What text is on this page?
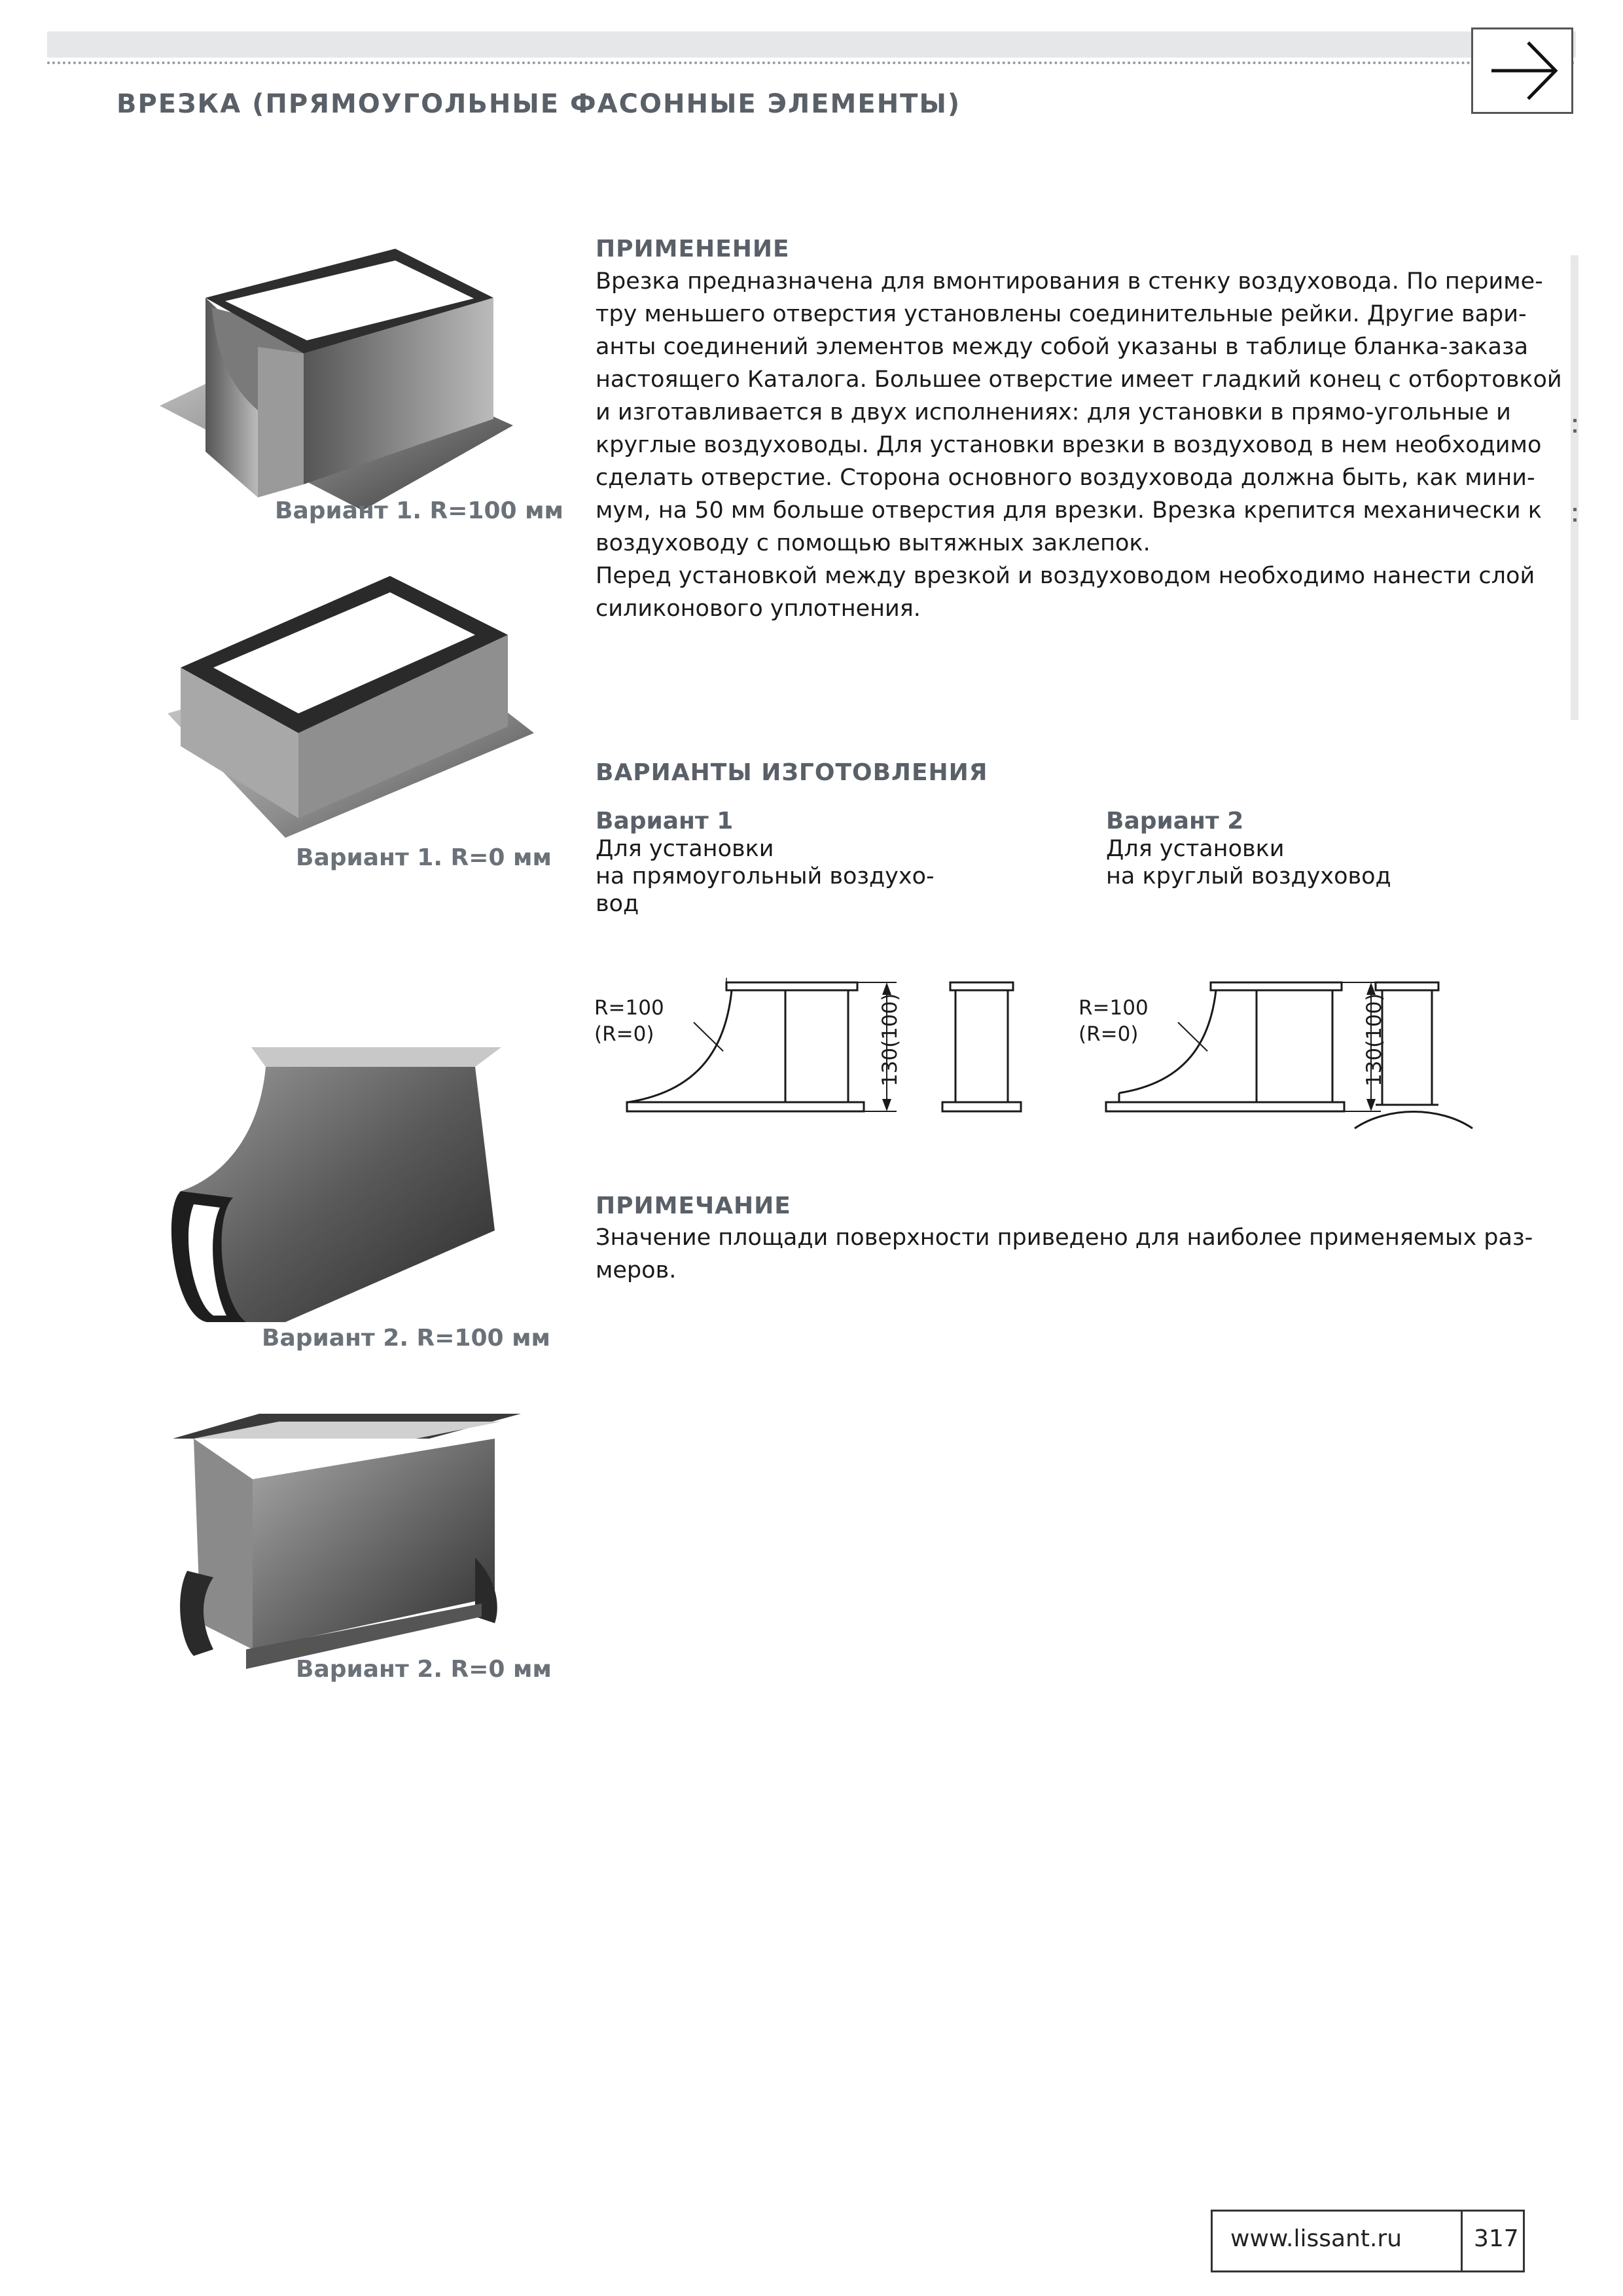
ВРЕЗКА (ПРЯМОУГОЛЬНЫЕ ФАСОННЫЕ ЭЛЕМЕНТЫ)
Вариант 1. R=100 мм
Вариант 1. R=0 мм
Вариант 2. R=100 мм
Вариант 2. R=0 мм
ПРИМЕНЕНИЕ
Врезка предназначена для вмонтирования в стенку воздуховода. По периме-
тру меньшего отверстия установлены соединительные рейки. Другие вари-
анты соединений элементов между собой указаны в таблице бланка-заказа
настоящего Каталога. Большее отверстие имеет гладкий конец с отбортовкой
и изготавливается в двух исполнениях: для установки в прямо-угольные и
круглые воздуховоды. Для установки врезки в воздуховод в нем необходимо
сделать отверстие. Сторона основного воздуховода должна быть, как мини-
мум, на 50 мм больше отверстия для врезки. Врезка крепится механически к
воздуховоду с помощью вытяжных заклепок.
Перед установкой между врезкой и воздуховодом необходимо нанести слой
силиконового уплотнения.
ВАРИАНТЫ ИЗГОТОВЛЕНИЯ
Вариант 1
Для установки
на прямоугольный воздухо-
вод
Вариант 2
Для установки
на круглый воздуховод
R=100
(R=0)	130(100)	R=100
(R=0)	130(100)
ПРИМЕЧАНИЕ
Значение площади поверхности приведено для наиболее применяемых раз-
меров.
www.lissant.ru	317
